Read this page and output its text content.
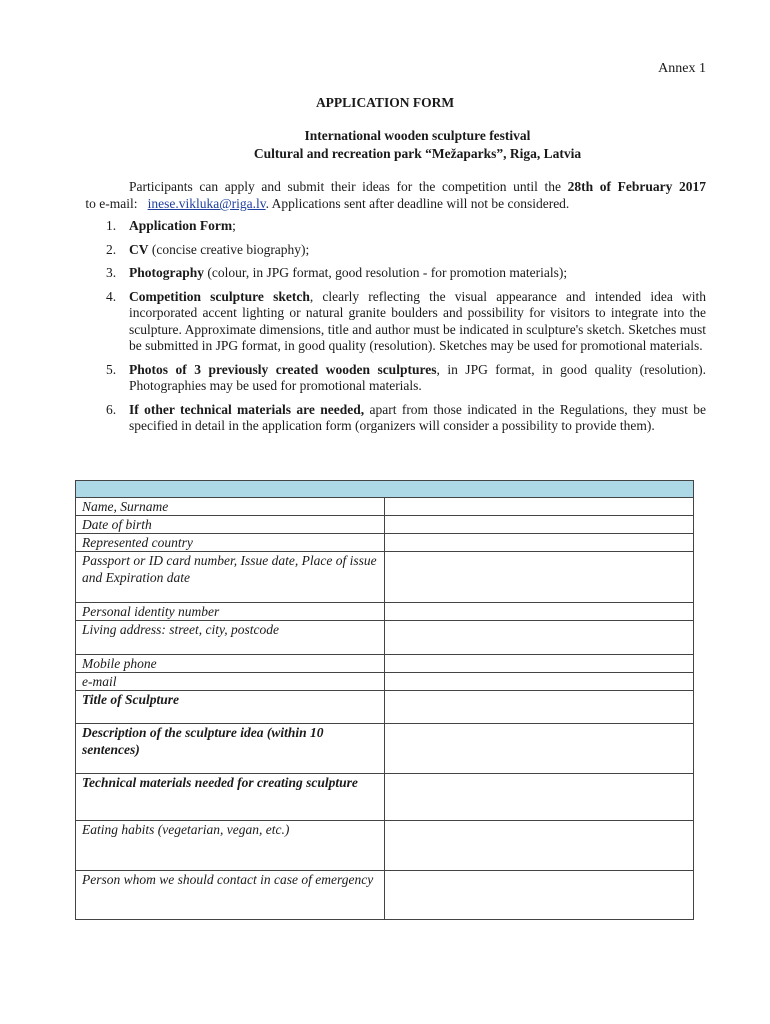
Annex 1
APPLICATION FORM
International wooden sculpture festival
Cultural and recreation park “Mežaparks”, Riga, Latvia
Participants can apply and submit their ideas for the competition until the 28th of February 2017 to e-mail:   inese.vikluka@riga.lv. Applications sent after deadline will not be considered.
1. Application Form;
2. CV (concise creative biography);
3. Photography (colour, in JPG format, good resolution - for promotion materials);
4. Competition sculpture sketch, clearly reflecting the visual appearance and intended idea with incorporated accent lighting or natural granite boulders and possibility for visitors to integrate into the sculpture. Approximate dimensions, title and author must be indicated in sculpture's sketch. Sketches must be submitted in JPG format, in good quality (resolution). Sketches may be used for promotional materials.
5. Photos of 3 previously created wooden sculptures, in JPG format, in good quality (resolution). Photographies may be used for promotional materials.
6. If other technical materials are needed, apart from those indicated in the Regulations, they must be specified in detail in the application form (organizers will consider a possibility to provide them).

Name, Surname	
Date of birth	
Represented country	
Passport or ID card number, Issue date, Place of issue and Expiration date	
Personal identity number	
Living address: street, city, postcode	
Mobile phone	
e-mail	
Title of Sculpture	
Description of the sculpture idea (within 10 sentences)	
Technical materials needed for creating sculpture	
Eating habits (vegetarian, vegan, etc.)	
Person whom we should contact in case of emergency	
